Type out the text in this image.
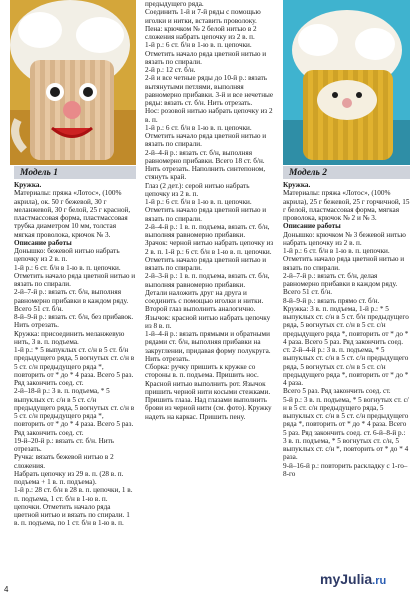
Модель 1

Кружка.

Материалы: пряжа «Лотос», (100% акрила), ок. 50 г бежевой, 30 г меланжевой, 30 г белой, 25 г красной, пластмассовая форма, пластмассовая трубка диаметром 10 мм, толстая мягкая проволока, крючок № 3.

Описание работы

Донышко: бежевой нитью набрать цепочку из 2 в. п.

1-й р.: 6 ст. б/н в 1-ю в. п. цепочки. Отметить начало ряда цветной нитью и вязать по спирали.

2-й–7-й р.: вязать ст. б/н, выполняя равномерно прибавки в каждом ряду. Всего 51 ст. б/н.

8-й–9-й р.: вязать ст. б/н, без прибавок. Нить отрезать.

Кружка: присоединить меланжевую нить, 3 в. п. подъема.

1-й р.: * 5 выпуклых ст. с/н в 5 ст. б/н предыдущего ряда, 5 вогнутых ст. с/н в 5 ст. с/н предыдущего ряда *, повторить от * до * 4 раза. Всего 5 раз. Ряд закончить соед. ст.

2-й–18-й р.: 3 в. п. подъема, * 5 выпуклых ст. с/н в 5 ст. с/н предыдущего ряда, 5 вогнутых ст. с/н в 5 ст. с/н предыдущего ряда *, повторить от * до * 4 раза. Всего 5 раз. Ряд закончить соед. ст.

19-й–20-й р.: вязать ст. б/н. Нить отрезать.

Ручка: вязать бежевой нитью в 2 сложения.

Набрать цепочку из 29 в. п. (28 в. п. подъема + 1 в. п. подъема).

1-й р.: 28 ст. б/н в 28 в. п. цепочки, 1 в. п. подъема, 1 ст. б/н в 1-ю в. п. цепочки. Отметить начало ряда цветной нитью и вязать по спирали. 1 в. п. подъема, по 1 ст. б/н в 1-ю в. п.

предыдущего ряда.

Соединить 1-й и 7-й ряды с помощью иголки и нитки, вставить проволоку.

Пена: крючком № 2 белой нитью в 2 сложения набрать цепочку из 2 в. п.

1-й р.: 6 ст. б/н в 1-ю в. п. цепочки. Отметить начало ряда цветной нитью и вязать по спирали.

2-й р.: 12 ст. б/н.

2-й и все четные ряды до 10-й р.: вязать вытянутыми петлями, выполняя равномерно прибавки. 3-й и все нечетные ряды: вязать ст. б/н. Нить отрезать.

Нос: розовой нитью набрать цепочку из 2 в. п.

1-й р.: 6 ст. б/н в 1-ю в. п. цепочки. Отметить начало ряда цветной нитью и вязать по спирали.

2-й–4-й р.: вязать ст. б/н, выполняя равномерно прибавки. Всего 18 ст. б/н. Нить отрезать. Наполнить синтепоном, стянуть край.

Глаз (2 дет.): серой нитью набрать цепочку из 2 в. п.

1-й р.: 6 ст. б/н в 1-ю в. п. цепочки. Отметить начало ряда цветной нитью и вязать по спирали.

2-й–4-й р.: 1 в. п. подъема, вязать ст. б/н, выполняя равномерно прибавки.

Зрачок: черной нитью набрать цепочку из 2 в. п. 1-й р.: 6 ст. б/н в 1-ю в. п. цепочки. Отметить начало ряда цветной нитью и вязать по спирали.

2-й–3-й р.: 1 в. п. подъема, вязать ст. б/н, выполняя равномерно прибавки.

Детали наложить друг на друга и соединить с помощью иголки и нитки. Второй глаз выполнить аналогично.

Язычок: красной нитью набрать цепочку из 8 в. п.

1-й–4-й р.: вязать прямыми и обратными рядами ст. б/н, выполняя прибавки на закруглении, придавая форму полукруга. Нить отрезать.

Сборка: ручку пришить к кружке со стороны в. п. подъема. Пришить нос.

Красной нитью выполнить рот. Язычок пришить черной нити косыми стежками.

Пришить глаза. Над глазами выполнить брови из черной нити (см. фото). Кружку надеть на каркас. Пришить пену.

Модель 2

Кружка.

Материалы: пряжа «Лотос», (100% акрила), 25 г бежевой, 25 г горчичной, 15 г белой, пластмассовая форма, мягкая проволока, крючок № 2 и № 3.

Описание работы

Донышко: крючком № 3 бежевой нитью набрать цепочку из 2 в. п.

1-й р.: 6 ст. б/н в 1-ю в. п. цепочки. Отметить начало ряда цветной нитью и вязать по спирали.

2-й–7-й р.: вязать ст. б/н, делая равномерно прибавки в каждом ряду. Всего 51 ст. б/н.

8-й–9-й р.: вязать прямо ст. б/н.

Кружка: 3 в. п. подъема, 1-й р.: * 5 выпуклых ст. с/н в 5 ст. б/н предыдущего ряда, 5 вогнутых ст. с/н в 5 ст. с/н предыдущего ряда *, повторить от * до * 4 раза. Всего 5 раз. Ряд закончить соед. ст. 2-й–4-й р.: 3 в. п. подъема, * 5 выпуклых ст. с/н в 5 ст. с/н предыдущего ряда, 5 вогнутых ст. с/н в 5 ст. с/н предыдущего ряда *, повторить от * до * 4 раза.

Всего 5 раз. Ряд закончить соед. ст.

5-й р.: 3 в. п. подъема, * 5 вогнутых ст. с/н в 5 ст. с/н предыдущего ряда, 5 выпуклых ст. с/н в 5 ст. с/н предыдущего ряда *, повторить от * до * 4 раза. Всего 5 раз. Ряд закончить соед. ст. 6-й–8-й р.: 3 в. п. подъема, * 5 вогнутых ст. с/н, 5 выпуклых ст. с/н *, повторить от * до * 4 раза.

9-й–16-й р.: повторить раскладку с 1-го–8-го

4
myJulia.ru
